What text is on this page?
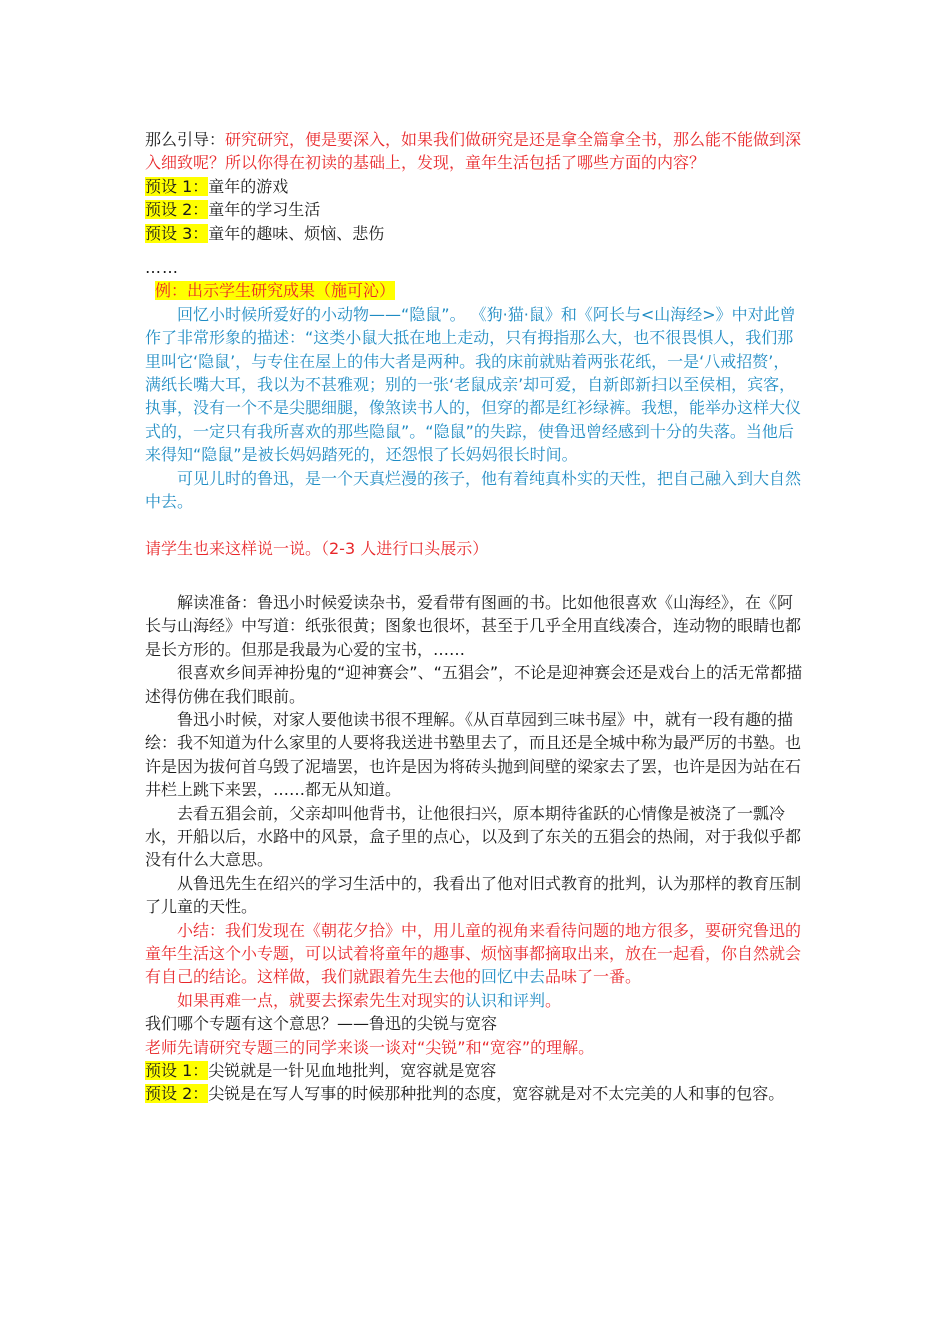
那么引导：研究研究，便是要深入，如果我们做研究是还是拿全篇拿全书，那么能不能做到深入细致呢？所以你得在初读的基础上，发现，童年生活包括了哪些方面的内容？

预设 1：童年的游戏

预设 2：童年的学习生活

预设 3：童年的趣味、烦恼、悲伤

……

例：出示学生研究成果（施可沁）

回忆小时候所爱好的小动物——“隐鼠”。 《狗·猫·鼠》和《阿长与<山海经>》中对此曾作了非常形象的描述：“这类小鼠大抵在地上走动，只有拇指那么大，也不很畏惧人，我们那里叫它‘隐鼠’，与专住在屋上的伟大者是两种。我的床前就贴着两张花纸，一是‘八戒招赘’，满纸长嘴大耳，我以为不甚雅观；别的一张‘老鼠成亲’却可爱，自新郎新扫以至侯相，宾客，执事，没有一个不是尖腮细腿，像煞读书人的，但穿的都是红衫绿裤。我想，能举办这样大仪式的，一定只有我所喜欢的那些隐鼠”。“隐鼠”的失踪，使鲁迅曾经感到十分的失落。当他后来得知“隐鼠”是被长妈妈踏死的，还怨恨了长妈妈很长时间。

可见儿时的鲁迅，是一个天真烂漫的孩子，他有着纯真朴实的天性，把自己融入到大自然中去。

请学生也来这样说一说。（2-3 人进行口头展示）

解读准备：鲁迅小时候爱读杂书，爱看带有图画的书。比如他很喜欢《山海经》，在《阿长与山海经》中写道：纸张很黄；图象也很坏，甚至于几乎全用直线凑合，连动物的眼睛也都是长方形的。但那是我最为心爱的宝书，……

很喜欢乡间弄神扮鬼的“迎神赛会”、“五猖会”，不论是迎神赛会还是戏台上的活无常都描述得仿佛在我们眼前。

鲁迅小时候，对家人要他读书很不理解。《从百草园到三味书屋》中，就有一段有趣的描绘：我不知道为什么家里的人要将我送进书塾里去了，而且还是全城中称为最严厉的书塾。也许是因为拔何首乌毁了泥墙罢，也许是因为将砖头抛到间壁的梁家去了罢，也许是因为站在石井栏上跳下来罢，……都无从知道。

去看五猖会前，父亲却叫他背书，让他很扫兴，原本期待雀跃的心情像是被浇了一瓢冷水，开船以后，水路中的风景，盒子里的点心，以及到了东关的五猖会的热闹，对于我似乎都没有什么大意思。

从鲁迅先生在绍兴的学习生活中的，我看出了他对旧式教育的批判，认为那样的教育压制了儿童的天性。

小结：我们发现在《朝花夕拾》中，用儿童的视角来看待问题的地方很多，要研究鲁迅的童年生活这个小专题，可以试着将童年的趣事、烦恼事都摘取出来，放在一起看，你自然就会有自己的结论。这样做，我们就跟着先生去他的回忆中去品味了一番。

如果再难一点，就要去探索先生对现实的认识和评判。

我们哪个专题有这个意思？——鲁迅的尖锐与宽容

老师先请研究专题三的同学来谈一谈对“尖锐”和“宽容”的理解。

预设 1：尖锐就是一针见血地批判，宽容就是宽容

预设 2：尖锐是在写人写事的时候那种批判的态度，宽容就是对不太完美的人和事的包容。
